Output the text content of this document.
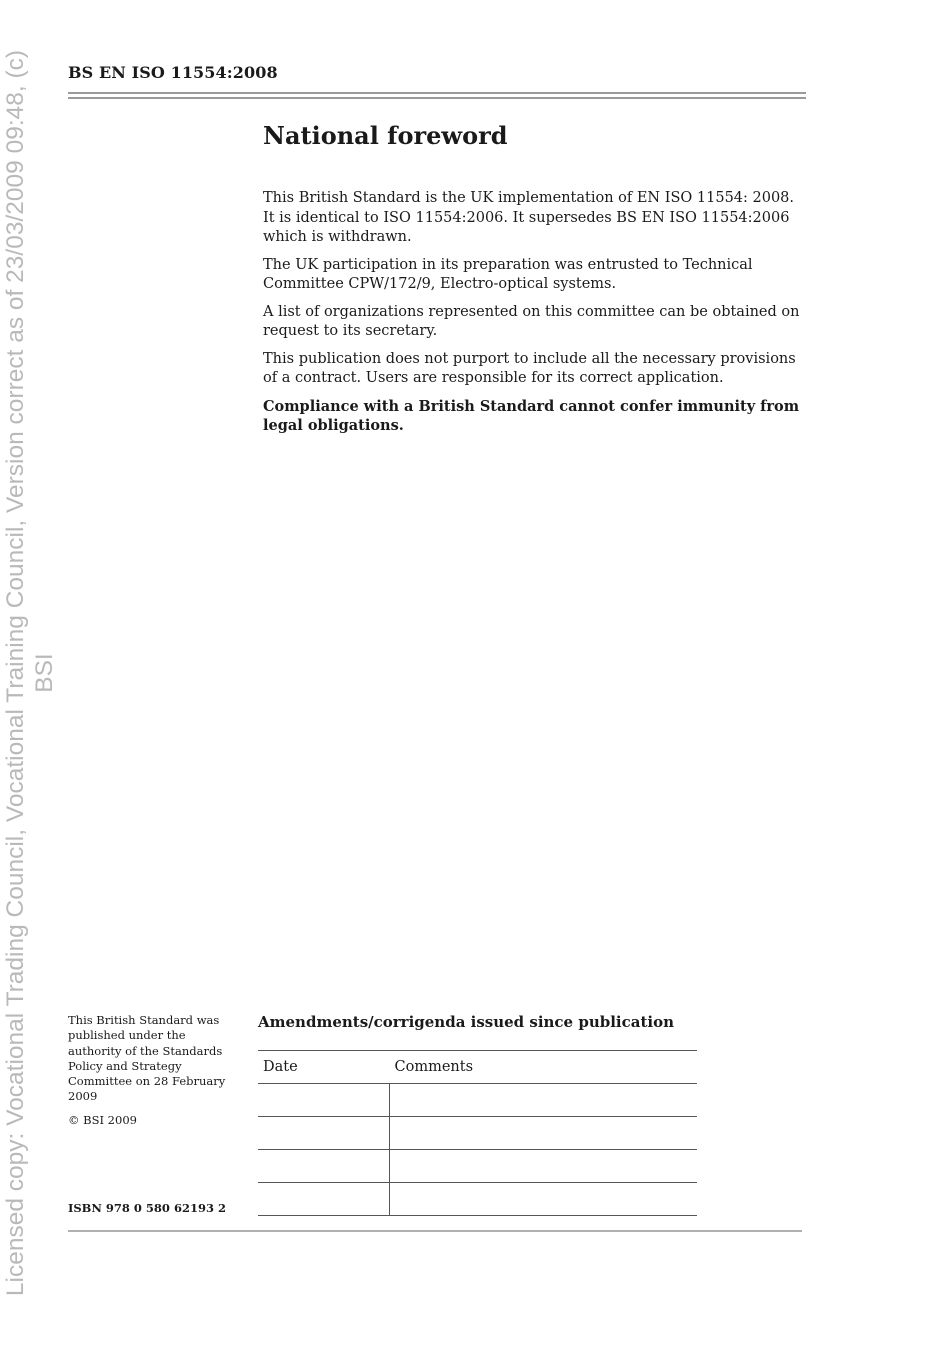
Licensed copy: Vocational Trading Council, Vocational Training Council, Version correct as of 23/03/2009 09:48, (c) BSI
BS EN ISO 11554:2008
National foreword

This British Standard is the UK implementation of EN ISO 11554: 2008. It is identical to ISO 11554:2006. It supersedes BS EN ISO 11554:2006 which is withdrawn.

The UK participation in its preparation was entrusted to Technical Committee CPW/172/9, Electro-optical systems.

A list of organizations represented on this committee can be obtained on request to its secretary.

This publication does not purport to include all the necessary provisions of a contract. Users are responsible for its correct application.

Compliance with a British Standard cannot confer immunity from legal obligations.

This British Standard was published under the authority of the Standards Policy and Strategy Committee on 28 February 2009

© BSI 2009

ISBN 978 0 580 62193 2
Amendments/corrigenda issued since publication
Date	Comments
